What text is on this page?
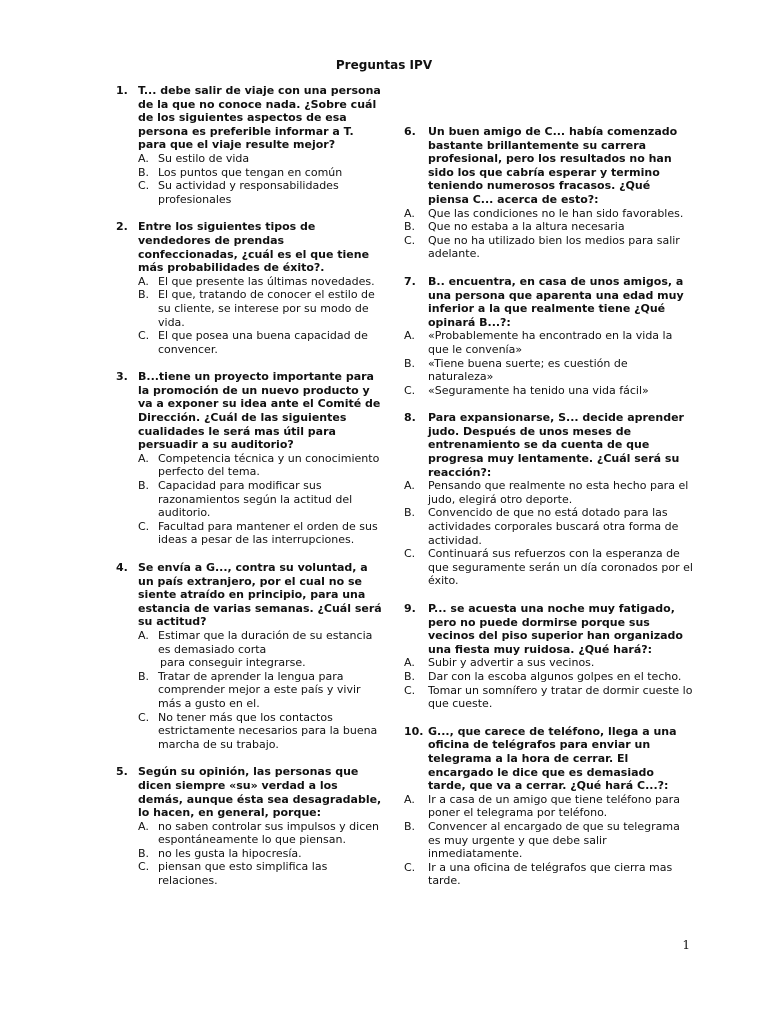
Preguntas IPV
1. T... debe salir de viaje con una persona de la que no conoce nada. ¿Sobre cuál de los siguientes aspectos de esa persona es preferible informar a T. para que el viaje resulte mejor?
A. Su estilo de vida
B. Los puntos que tengan en común
C. Su actividad y responsabilidades profesionales
2. Entre los siguientes tipos de vendedores de prendas confeccionadas, ¿cuál es el que tiene más probabilidades de éxito?.
A. El que presente las últimas novedades.
B. El que, tratando de conocer el estilo de su cliente, se interese por su modo de vida.
C. El que posea una buena capacidad de convencer.
3. B...tiene un proyecto importante para la promoción de un nuevo producto y va a exponer su idea ante el Comité de Dirección. ¿Cuál de las siguientes cualidades le será mas útil para persuadir a su auditorio?
A. Competencia técnica y un conocimiento perfecto del tema.
B. Capacidad para modificar sus razonamientos según la actitud del auditorio.
C. Facultad para mantener el orden de sus ideas a pesar de las interrupciones.
4. Se envía a G..., contra su voluntad, a un país extranjero, por el cual no se siente atraído en principio, para una estancia de varias semanas. ¿Cuál será su actitud?
A. Estimar que la duración de su estancia es demasiado corta
para conseguir integrarse.
B. Tratar de aprender la lengua para comprender mejor a este país y vivir más a gusto en el.
C. No tener más que los contactos estrictamente necesarios para la buena marcha de su trabajo.
5. Según su opinión, las personas que dicen siempre «su» verdad a los demás, aunque ésta sea desagradable, lo hacen, en general, porque:
A. no saben controlar sus impulsos y dicen espontáneamente lo que piensan.
B. no les gusta la hipocresía.
C. piensan que esto simplifica las relaciones.
6. Un buen amigo de C... había comenzado bastante brillantemente su carrera profesional, pero los resultados no han sido los que cabría esperar y termino teniendo numerosos fracasos. ¿Qué piensa C... acerca de esto?:
A.	Que las condiciones no le han sido favorables.
B.	Que no estaba a la altura necesaria
C.	Que no ha utilizado bien los medios para salir adelante.
7. B.. encuentra, en casa de unos amigos, a una persona que aparenta una edad muy inferior a la que realmente tiene ¿Qué opinará B...?:
A.	«Probablemente ha encontrado en la vida la que le convenía»
B.	«Tiene buena suerte; es cuestión de naturaleza»
C.	«Seguramente ha tenido una vida fácil»
8. Para expansionarse, S... decide aprender judo. Después de unos meses de entrenamiento se da cuenta de que progresa muy lentamente. ¿Cuál será su reacción?:
A.	Pensando que realmente no esta hecho para el judo, elegirá otro deporte.
B.	Convencido de que no está dotado para las actividades corporales buscará otra forma de actividad.
C.	Continuará sus refuerzos con la esperanza de que seguramente serán un día coronados por el éxito.
9. P... se acuesta una noche muy fatigado, pero no puede dormirse porque sus vecinos del piso superior han organizado una fiesta muy ruidosa. ¿Qué hará?:
A.	Subir y advertir a sus vecinos.
B.	Dar con la escoba algunos golpes en el techo.
C.	Tomar un somnífero y tratar de dormir cueste lo que cueste.
10. G..., que carece de teléfono, llega a una oficina de telégrafos para enviar un telegrama a la hora de cerrar. El encargado le dice que es demasiado tarde, que va a cerrar. ¿Qué hará C...?:
A.	Ir a casa de un amigo que tiene teléfono para poner el telegrama por teléfono.
B.	Convencer al encargado de que su telegrama es muy urgente y que debe salir inmediatamente.
C.	Ir a una oficina de telégrafos que cierra mas tarde.
1
